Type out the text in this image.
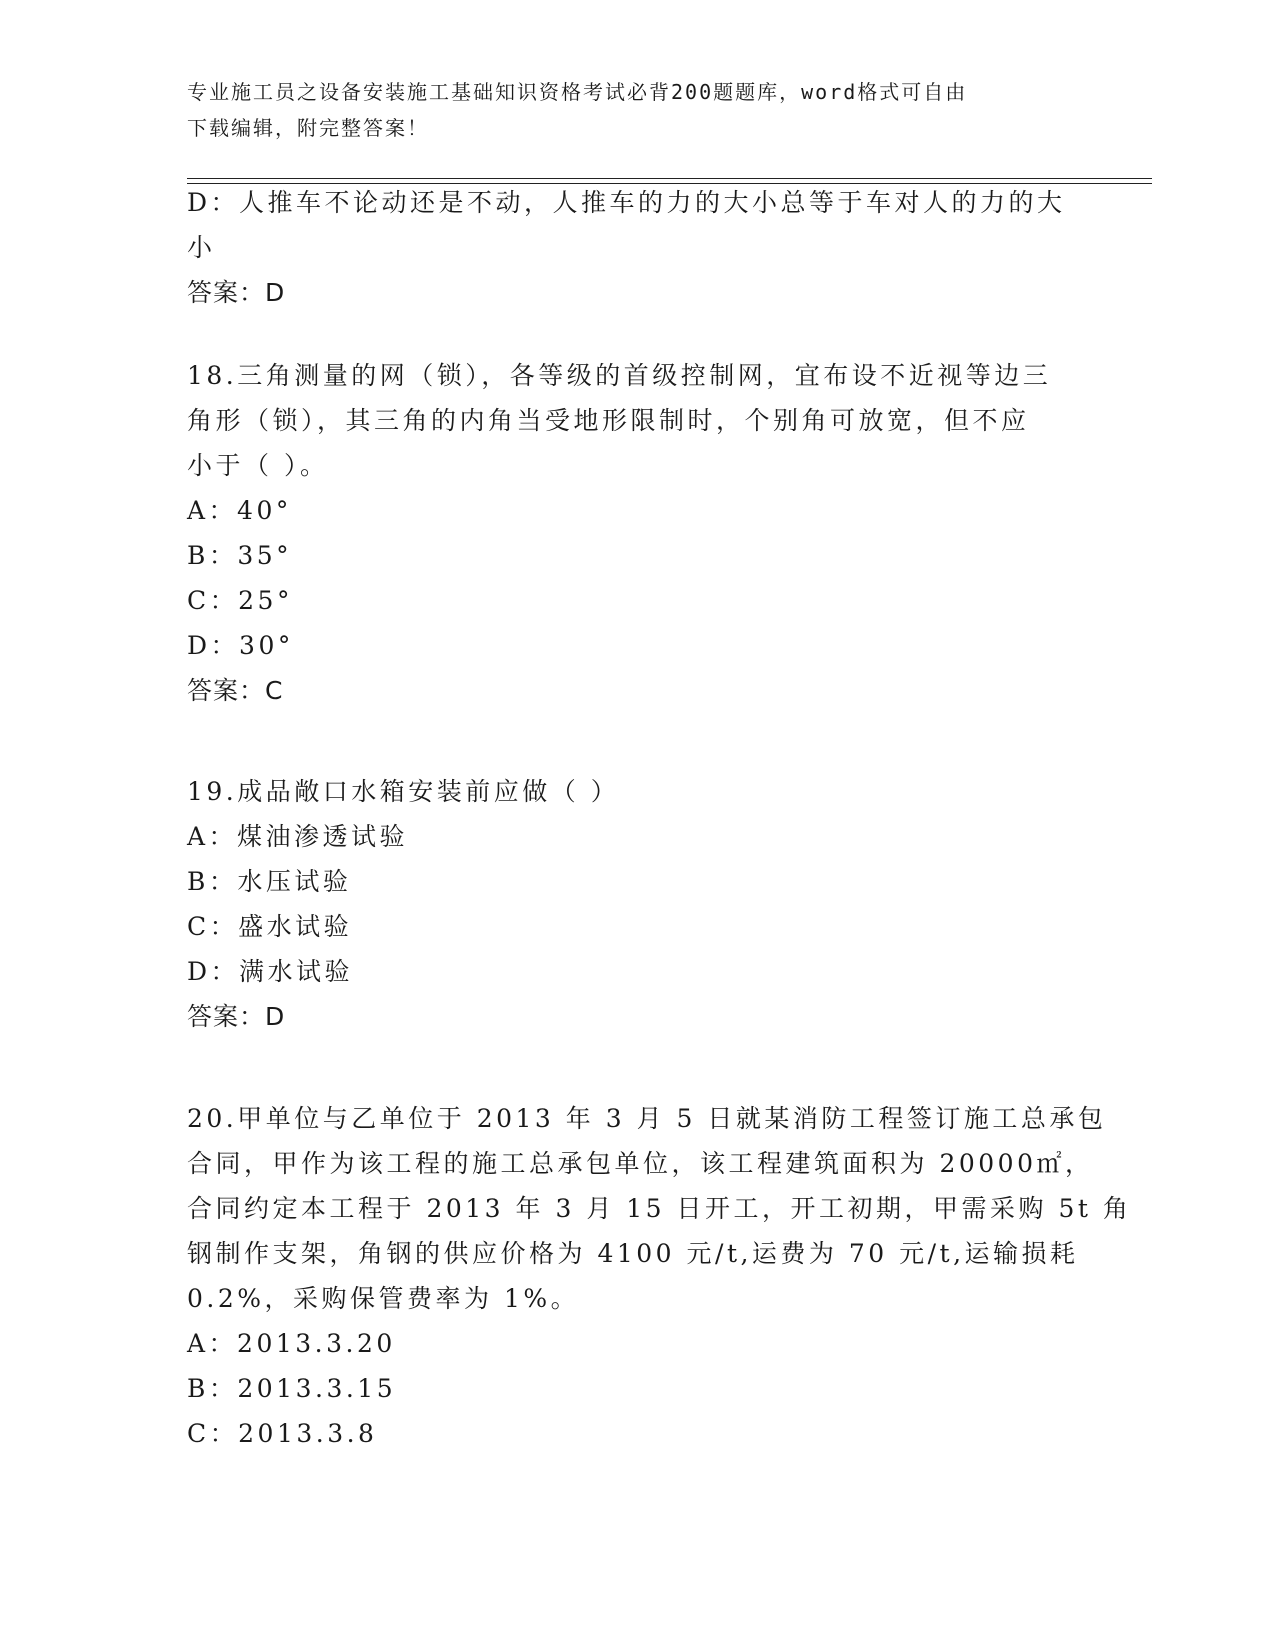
专业施工员之设备安装施工基础知识资格考试必背200题题库，word格式可自由
下载编辑，附完整答案！
D：人推车不论动还是不动，人推车的力的大小总等于车对人的力的大
小
答案：D
18.三角测量的网（锁），各等级的首级控制网，宜布设不近视等边三
角形（锁），其三角的内角当受地形限制时，个别角可放宽，但不应
小于（ ）。
A：40°
B：35°
C：25°
D：30°
答案：C
19.成品敞口水箱安装前应做（ ）
A：煤油渗透试验
B：水压试验
C：盛水试验
D：满水试验
答案：D
20.甲单位与乙单位于 2013 年 3 月 5 日就某消防工程签订施工总承包
合同，甲作为该工程的施工总承包单位，该工程建筑面积为 20000㎡，
合同约定本工程于 2013 年 3 月 15 日开工，开工初期，甲需采购 5t 角
钢制作支架，角钢的供应价格为 4100 元/t,运费为 70 元/t,运输损耗
0.2%，采购保管费率为 1%。
A：2013.3.20
B：2013.3.15
C：2013.3.8
